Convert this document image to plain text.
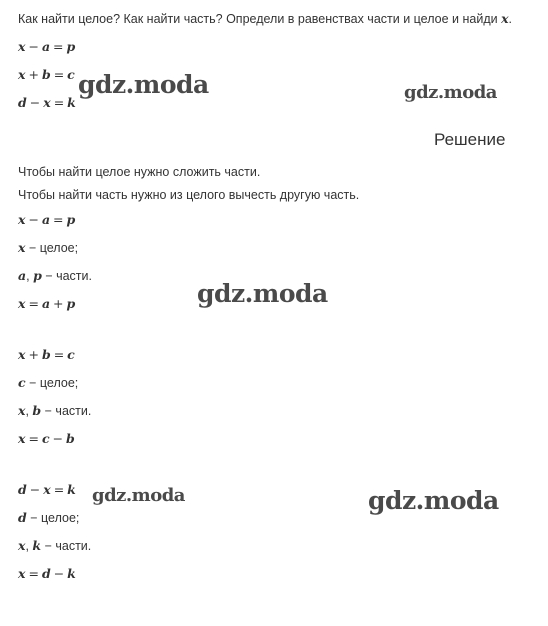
Как найти целое? Как найти часть? Определи в равенствах части и целое и найди x.
x − a = p
x + b = c
d − x = k
Решение
Чтобы найти целое нужно сложить части.
Чтобы найти часть нужно из целого вычесть другую часть.
x − a = p
x − целое;
a, p − части.
x = a + p
x + b = c
c − целое;
x, b − части.
x = c − b
d − x = k
d − целое;
x, k − части.
x = d − k
gdz.moda	gdz.moda
gdz.moda
gdz.moda	gdz.moda
